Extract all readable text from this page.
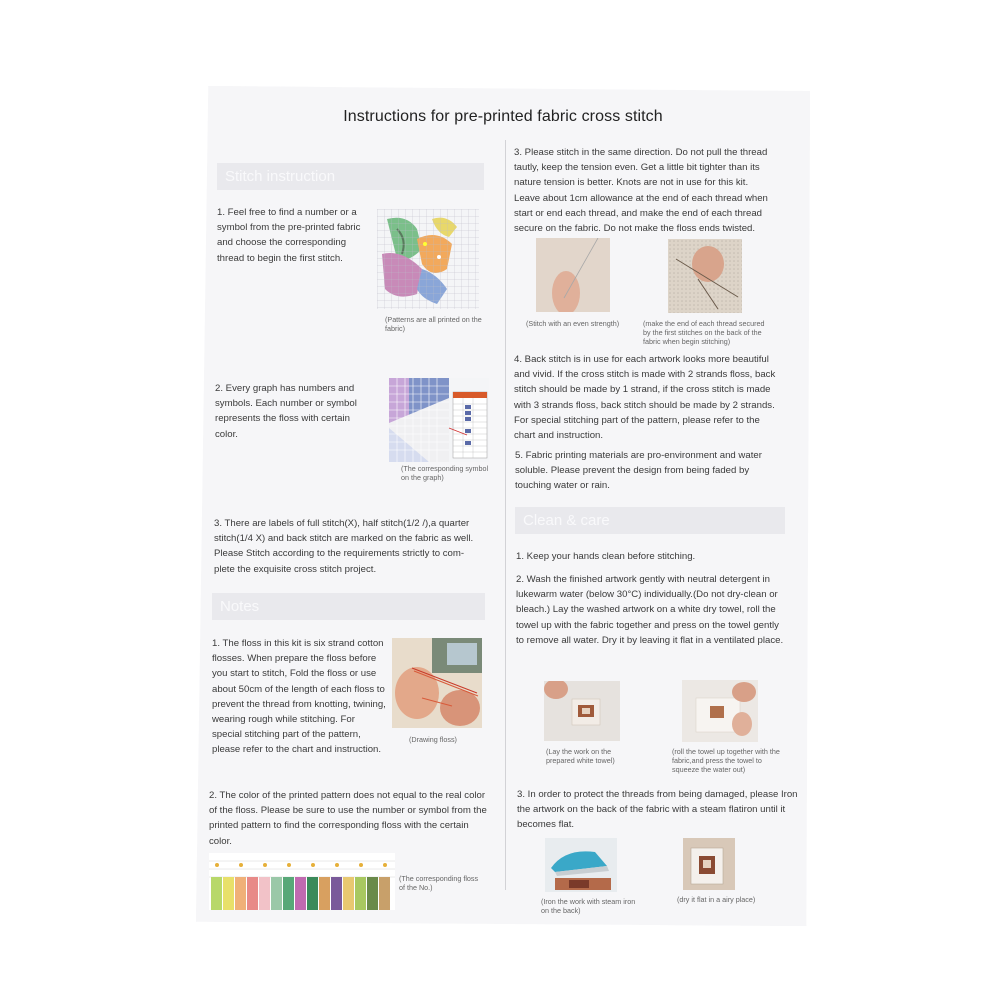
Instructions for pre-printed fabric cross stitch
Stitch instruction
1. Feel free to find a number or a symbol from the pre-printed fabric and choose the corresponding thread to begin the first stitch.
(Patterns are all printed on the fabric)
2. Every graph has numbers and symbols. Each number or symbol represents the floss with certain color.
(The corresponding symbol on the graph)
3. There are labels of full stitch(X), half stitch(1/2 /),a quarter stitch(1/4 X) and back stitch are marked on the fabric as well. Please Stitch according to the requirements strictly to com- plete the exquisite cross stitch project.
Notes
1. The floss in this kit is six strand cotton flosses. When prepare the floss before you start to stitch, Fold the floss or use about 50cm of the length of each floss to prevent the thread from knotting, twining, wearing rough while stitching. For special stitching part of the pattern, please refer to the chart and instruction.
(Drawing floss)
2. The color of the printed pattern does not equal to the real color of the floss. Please be sure to use the number or symbol from the printed pattern to find the corresponding floss with the certain color.
(The corresponding floss of the No.)
3. Please stitch in the same direction. Do not pull the thread tautly, keep the tension even. Get a little bit tighter than its nature tension is better. Knots are not in use for this kit. Leave about 1cm allowance at the end of each thread when start or end each thread, and make the end of each thread secure on the fabric. Do not make the floss ends twisted.
(Stitch with an even strength)	(make the end of each thread secured by the first stitches on the back of the fabric when begin stitching)
4. Back stitch is in use for each artwork looks more beautiful and vivid. If the cross stitch is made with 2 strands floss, back stitch should be made by 1 strand, if the cross stitch is made with 3 strands floss, back stitch should be made by 2 strands. For special stitching part of the pattern, please refer to the chart and instruction.
5. Fabric printing materials are pro-environment and water soluble. Please prevent the design from being faded by touching water or rain.
Clean & care
1. Keep your hands clean before stitching.
2. Wash the finished artwork gently with neutral detergent in lukewarm water (below 30°C) individually.(Do not dry-clean or bleach.) Lay the washed artwork on a white dry towel, roll the towel up with the fabric together and press on the towel gently to remove all water. Dry it by leaving it flat in a ventilated place.
(Lay the work on the prepared white towel)
(roll the towel up together with the fabric,and press the towel to squeeze the water out)
3. In order to protect the threads from being damaged, please Iron the artwork on the back of the fabric with a steam flatiron until it becomes flat.
(Iron the work with steam iron on the back)
(dry it flat in a airy place)
